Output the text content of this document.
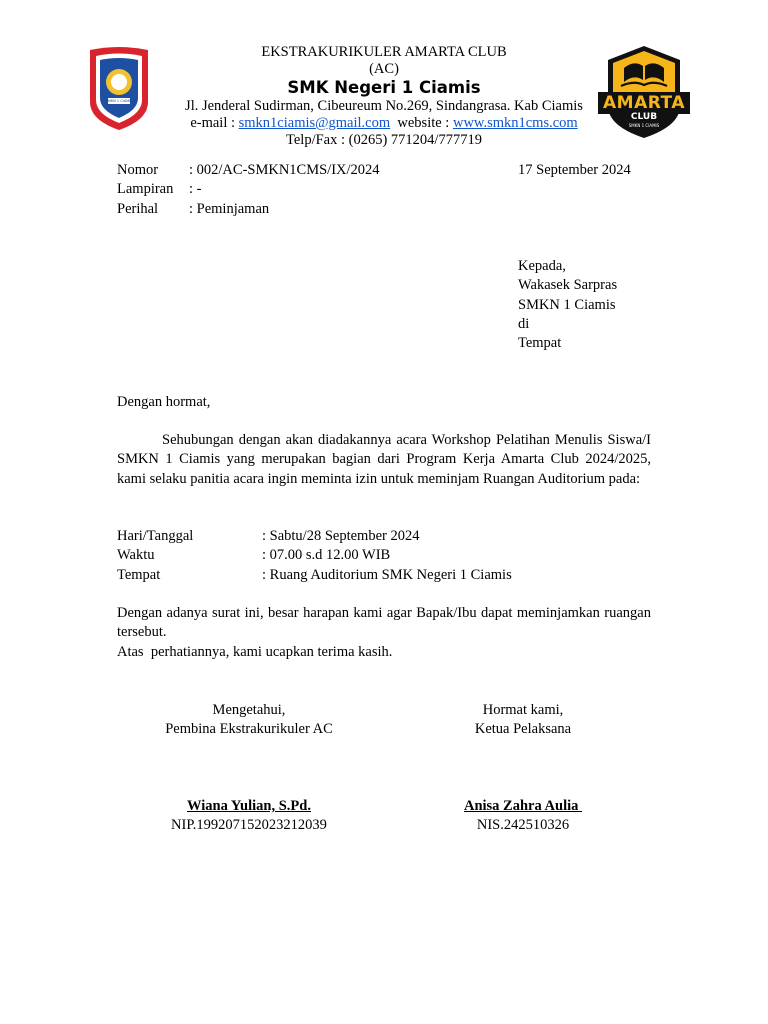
SMKN 1 CIAMIS	AMARTA
CLUB
SMKN 1 CIAMIS
EKSTRAKURIKULER AMARTA CLUB
(AC)
SMK Negeri 1 Ciamis
Jl. Jenderal Sudirman, Cibeureum No.269, Sindangrasa. Kab Ciamis
e-mail : smkn1ciamis@gmail.com  website : www.smkn1cms.com
Telp/Fax : (0265) 771204/777719
Nomor : 002/AC-SMKN1CMS/IX/2024
Lampiran : -
Perihal : Peminjaman
17 September 2024
Kepada,
Wakasek Sarpras
SMKN 1 Ciamis
di
Tempat
Dengan hormat,
Sehubungan dengan akan diadakannya acara Workshop Pelatihan Menulis Siswa/I SMKN 1 Ciamis yang merupakan bagian dari Program Kerja Amarta Club 2024/2025, kami selaku panitia acara ingin meminta izin untuk meminjam Ruangan Auditorium pada:
Hari/Tanggal	: Sabtu/28 September 2024
Waktu	: 07.00 s.d 12.00 WIB
Tempat	: Ruang Auditorium SMK Negeri 1 Ciamis
Dengan adanya surat ini, besar harapan kami agar Bapak/Ibu dapat meminjamkan ruangan tersebut.
Atas  perhatiannya, kami ucapkan terima kasih.
Mengetahui,
Pembina Ekstrakurikuler AC
Hormat kami,
Ketua Pelaksana
Wiana Yulian, S.Pd.
NIP.199207152023212039
Anisa Zahra Aulia
NIS.242510326
